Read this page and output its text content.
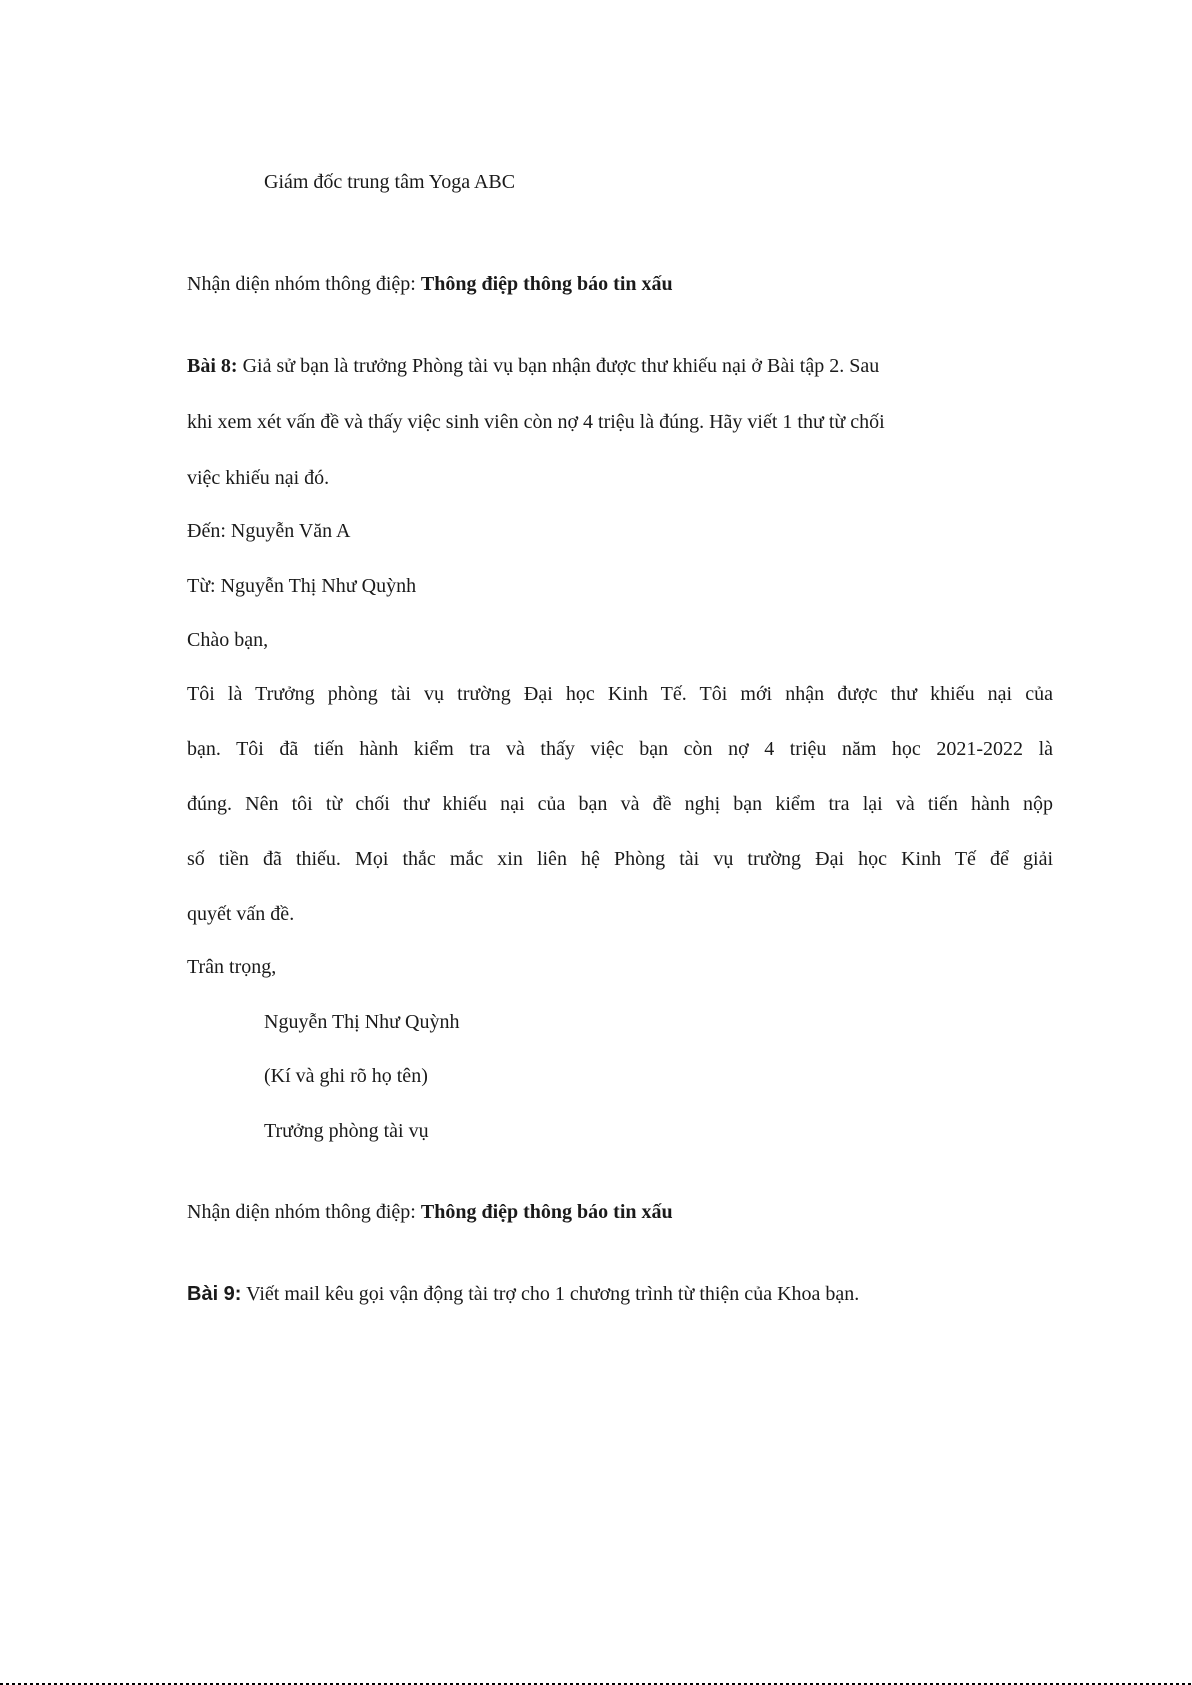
Giám đốc trung tâm Yoga ABC
Nhận diện nhóm thông điệp: Thông điệp thông báo tin xấu
Bài 8: Giả sử bạn là trưởng Phòng tài vụ bạn nhận được thư khiếu nại ở Bài tập 2. Sau
khi xem xét vấn đề và thấy việc sinh viên còn nợ 4 triệu là đúng. Hãy viết 1 thư từ chối
việc khiếu nại đó.
Đến: Nguyễn Văn A
Từ: Nguyễn Thị Như Quỳnh
Chào bạn,
Tôi là Trưởng phòng tài vụ trường Đại học Kinh Tế. Tôi mới nhận được thư khiếu nại của
bạn. Tôi đã tiến hành kiểm tra và thấy việc bạn còn nợ 4 triệu năm học 2021-2022 là
đúng. Nên tôi từ chối thư khiếu nại của bạn và đề nghị bạn kiểm tra lại và tiến hành nộp
số tiền đã thiếu. Mọi thắc mắc xin liên hệ Phòng tài vụ trường Đại học Kinh Tế để giải
quyết vấn đề.
Trân trọng,
Nguyễn Thị Như Quỳnh
(Kí và ghi rõ họ tên)
Trưởng phòng tài vụ
Nhận diện nhóm thông điệp: Thông điệp thông báo tin xấu
Bài 9: Viết mail kêu gọi vận động tài trợ cho 1 chương trình từ thiện của Khoa bạn.
